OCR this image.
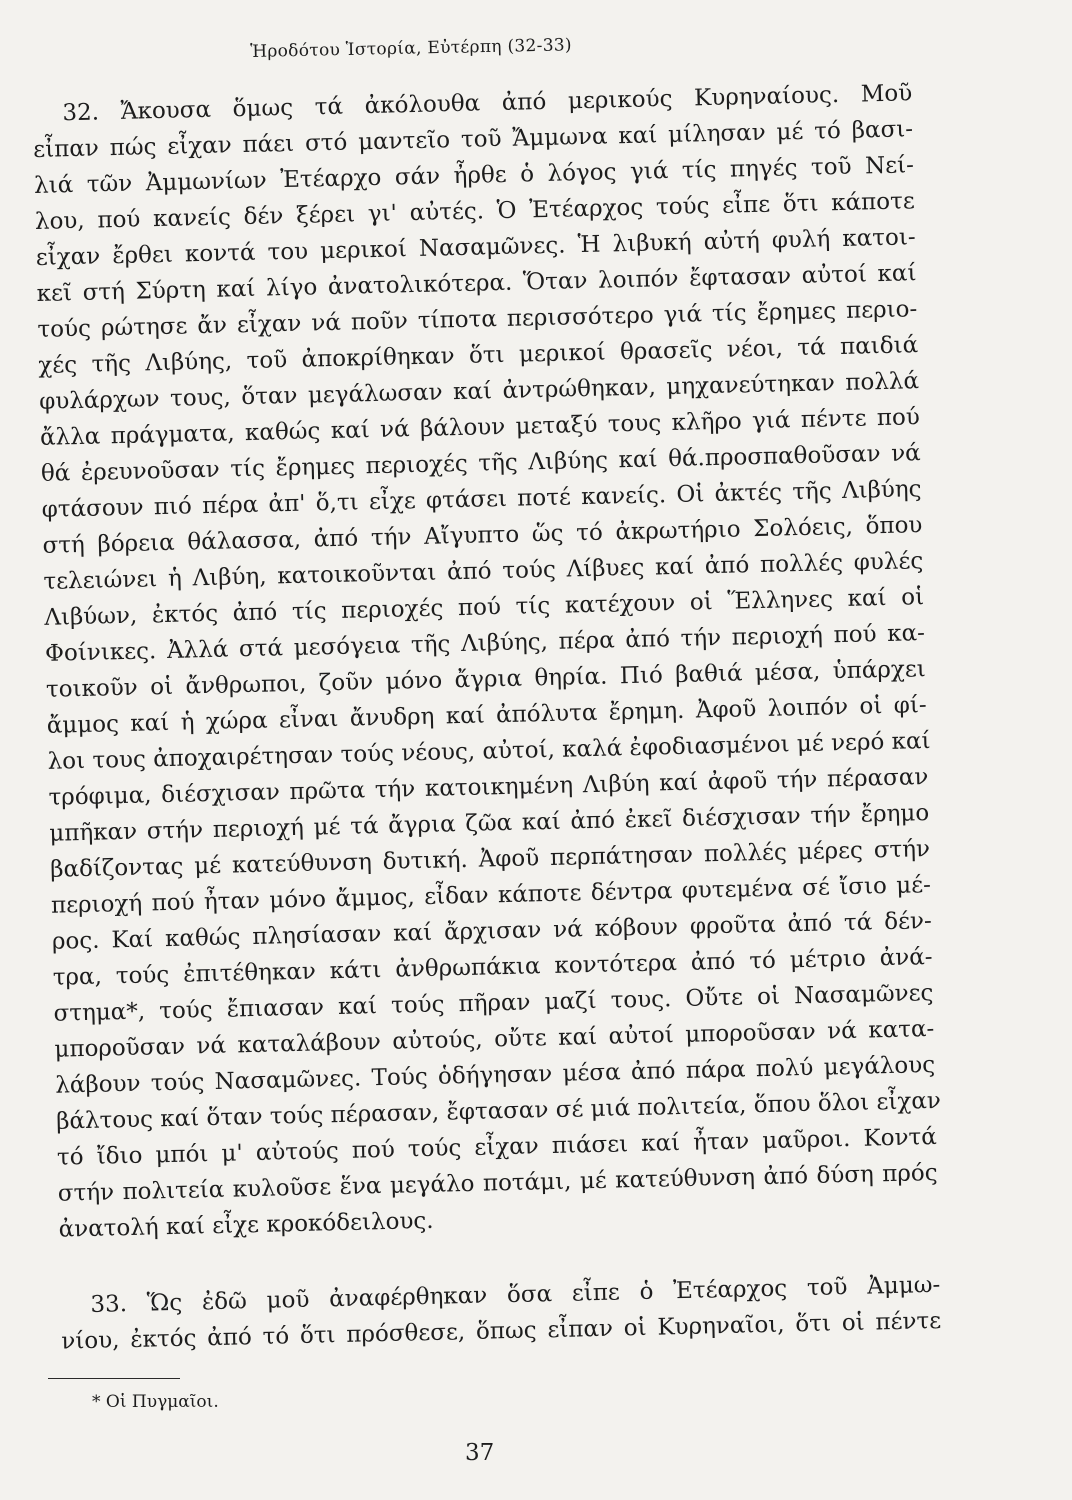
Ἡροδότου Ἱστορία, Εὐτέρπη (32-33)
32. Ἄκουσα ὅμως τά ἀκόλουθα ἀπό μερικούς Κυρηναίους. Μοῦ
εἶπαν πώς εἶχαν πάει στό μαντεῖο τοῦ Ἄμμωνα καί μίλησαν μέ τό βασι-
λιά τῶν Ἀμμωνίων Ἐτέαρχο σάν ἦρθε ὁ λόγος γιά τίς πηγές τοῦ Νεί-
λου, πού κανείς δέν ξέρει γι' αὐτές. Ὁ Ἐτέαρχος τούς εἶπε ὅτι κάποτε
εἶχαν ἔρθει κοντά του μερικοί Νασαμῶνες. Ἡ λιβυκή αὐτή φυλή κατοι-
κεῖ στή Σύρτη καί λίγο ἀνατολικότερα. Ὅταν λοιπόν ἔφτασαν αὐτοί καί
τούς ρώτησε ἄν εἶχαν νά ποῦν τίποτα περισσότερο γιά τίς ἔρημες περιο-
χές τῆς Λιβύης, τοῦ ἀποκρίθηκαν ὅτι μερικοί θρασεῖς νέοι, τά παιδιά
φυλάρχων τους, ὅταν μεγάλωσαν καί ἀντρώθηκαν, μηχανεύτηκαν πολλά
ἄλλα πράγματα, καθώς καί νά βάλουν μεταξύ τους κλῆρο γιά πέντε πού
θά ἐρευνοῦσαν τίς ἔρημες περιοχές τῆς Λιβύης καί θά.προσπαθοῦσαν νά
φτάσουν πιό πέρα ἀπ' ὅ,τι εἶχε φτάσει ποτέ κανείς. Οἱ ἀκτές τῆς Λιβύης
στή βόρεια θάλασσα, ἀπό τήν Αἴγυπτο ὥς τό ἀκρωτήριο Σολόεις, ὅπου
τελειώνει ἡ Λιβύη, κατοικοῦνται ἀπό τούς Λίβυες καί ἀπό πολλές φυλές
Λιβύων, ἐκτός ἀπό τίς περιοχές πού τίς κατέχουν οἱ Ἕλληνες καί οἱ
Φοίνικες. Ἀλλά στά μεσόγεια τῆς Λιβύης, πέρα ἀπό τήν περιοχή πού κα-
τοικοῦν οἱ ἄνθρωποι, ζοῦν μόνο ἄγρια θηρία. Πιό βαθιά μέσα, ὑπάρχει
ἄμμος καί ἡ χώρα εἶναι ἄνυδρη καί ἀπόλυτα ἔρημη. Ἀφοῦ λοιπόν οἱ φί-
λοι τους ἀποχαιρέτησαν τούς νέους, αὐτοί, καλά ἐφοδιασμένοι μέ νερό καί
τρόφιμα, διέσχισαν πρῶτα τήν κατοικημένη Λιβύη καί ἀφοῦ τήν πέρασαν
μπῆκαν στήν περιοχή μέ τά ἄγρια ζῶα καί ἀπό ἐκεῖ διέσχισαν τήν ἔρημο
βαδίζοντας μέ κατεύθυνση δυτική. Ἀφοῦ περπάτησαν πολλές μέρες στήν
περιοχή πού ἦταν μόνο ἄμμος, εἶδαν κάποτε δέντρα φυτεμένα σέ ἴσιο μέ-
ρος. Καί καθώς πλησίασαν καί ἄρχισαν νά κόβουν φροῦτα ἀπό τά δέν-
τρα, τούς ἐπιτέθηκαν κάτι ἀνθρωπάκια κοντότερα ἀπό τό μέτριο ἀνά-
στημα*, τούς ἔπιασαν καί τούς πῆραν μαζί τους. Οὔτε οἱ Νασαμῶνες
μποροῦσαν νά καταλάβουν αὐτούς, οὔτε καί αὐτοί μποροῦσαν νά κατα-
λάβουν τούς Νασαμῶνες. Τούς ὁδήγησαν μέσα ἀπό πάρα πολύ μεγάλους
βάλτους καί ὅταν τούς πέρασαν, ἔφτασαν σέ μιά πολιτεία, ὅπου ὅλοι εἶχαν
τό ἴδιο μπόι μ' αὐτούς πού τούς εἶχαν πιάσει καί ἦταν μαῦροι. Κοντά
στήν πολιτεία κυλοῦσε ἕνα μεγάλο ποτάμι, μέ κατεύθυνση ἀπό δύση πρός
ἀνατολή καί εἶχε κροκόδειλους.
33. Ὥς ἐδῶ μοῦ ἀναφέρθηκαν ὅσα εἶπε ὁ Ἐτέαρχος τοῦ Ἀμμω-
νίου, ἐκτός ἀπό τό ὅτι πρόσθεσε, ὅπως εἶπαν οἱ Κυρηναῖοι, ὅτι οἱ πέντε
* Οἱ Πυγμαῖοι.
37
